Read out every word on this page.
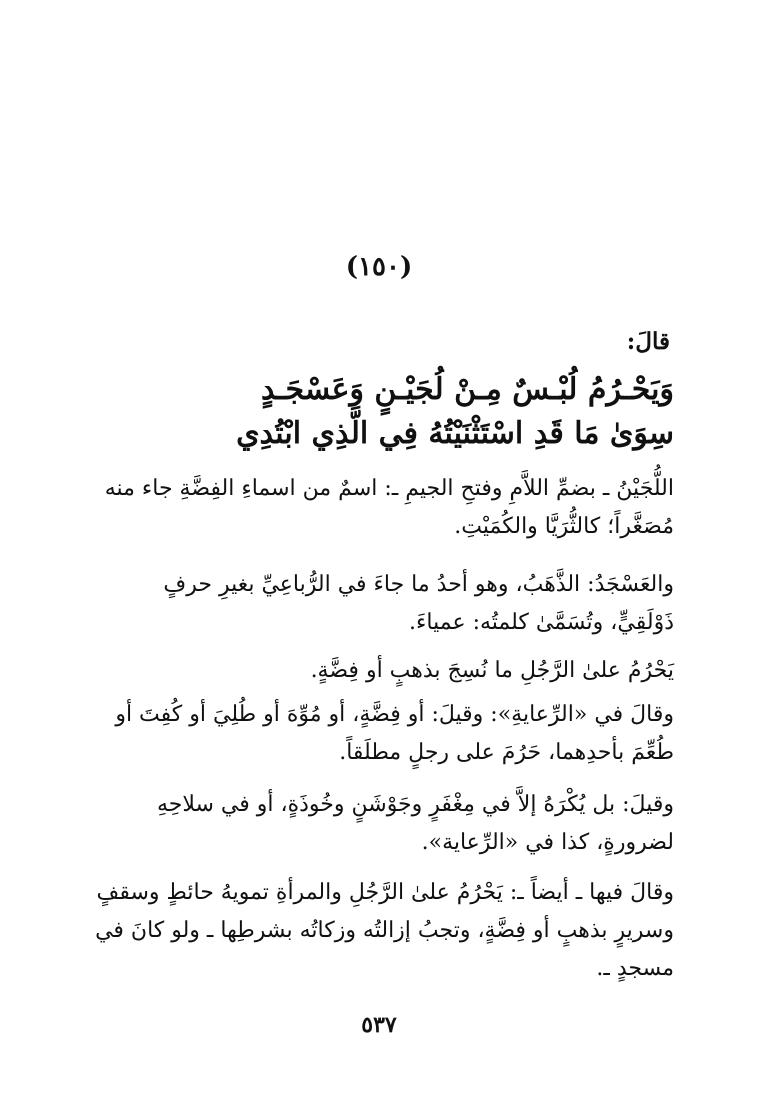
(١٥٠)
قالَ:
وَيَحْـرُمُ لُبْـسٌ مِـنْ لُجَيْـنٍ وَعَسْجَـدٍ
سِوَىٰ مَا قَدِ اسْتَثْنَيْتُهُ فِي الَّذِي ابْتُدِي
اللُّجَيْنُ ـ بضمِّ اللاَّمِ وفتحِ الجيمِ ـ: اسمٌ من اسماءِ الفِضَّةِ جاء منه
مُصَغَّراً؛ كالثُّرَيَّا والكُمَيْتِ.
والعَسْجَدُ: الذَّهَبُ، وهو أحدُ ما جاءَ في الرُّباعِيِّ بغيرِ حرفٍ
ذَوْلَقِيٍّ، وتُسَمَّىٰ كلمتُه: عمياءَ.
يَحْرُمُ علىٰ الرَّجُلِ ما نُسِجَ بذهبٍ أو فِضَّةٍ.
وقالَ في «الرِّعايةِ»: وقيلَ: أو فِضَّةٍ، أو مُوِّهَ أو طُلِيَ أو كُفِتَ أو
طُعِّمَ بأحدِهما، حَرُمَ على رجلٍ مطلَقاً.
وقيلَ: بل يُكْرَهُ إلاَّ في مِغْفَرٍ وجَوْشَنٍ وخُوذَةٍ، أو في سلاحِهِ
لضرورةٍ، كذا في «الرِّعاية».
وقالَ فيها ـ أيضاً ـ: يَحْرُمُ علىٰ الرَّجُلِ والمرأةِ تمويهُ حائطٍ وسقفٍ
وسريرٍ بذهبٍ أو فِضَّةٍ، وتجبُ إزالتُه وزكاتُه بشرطِها ـ ولو كانَ في
مسجدٍ ـ.
٥٣٧
